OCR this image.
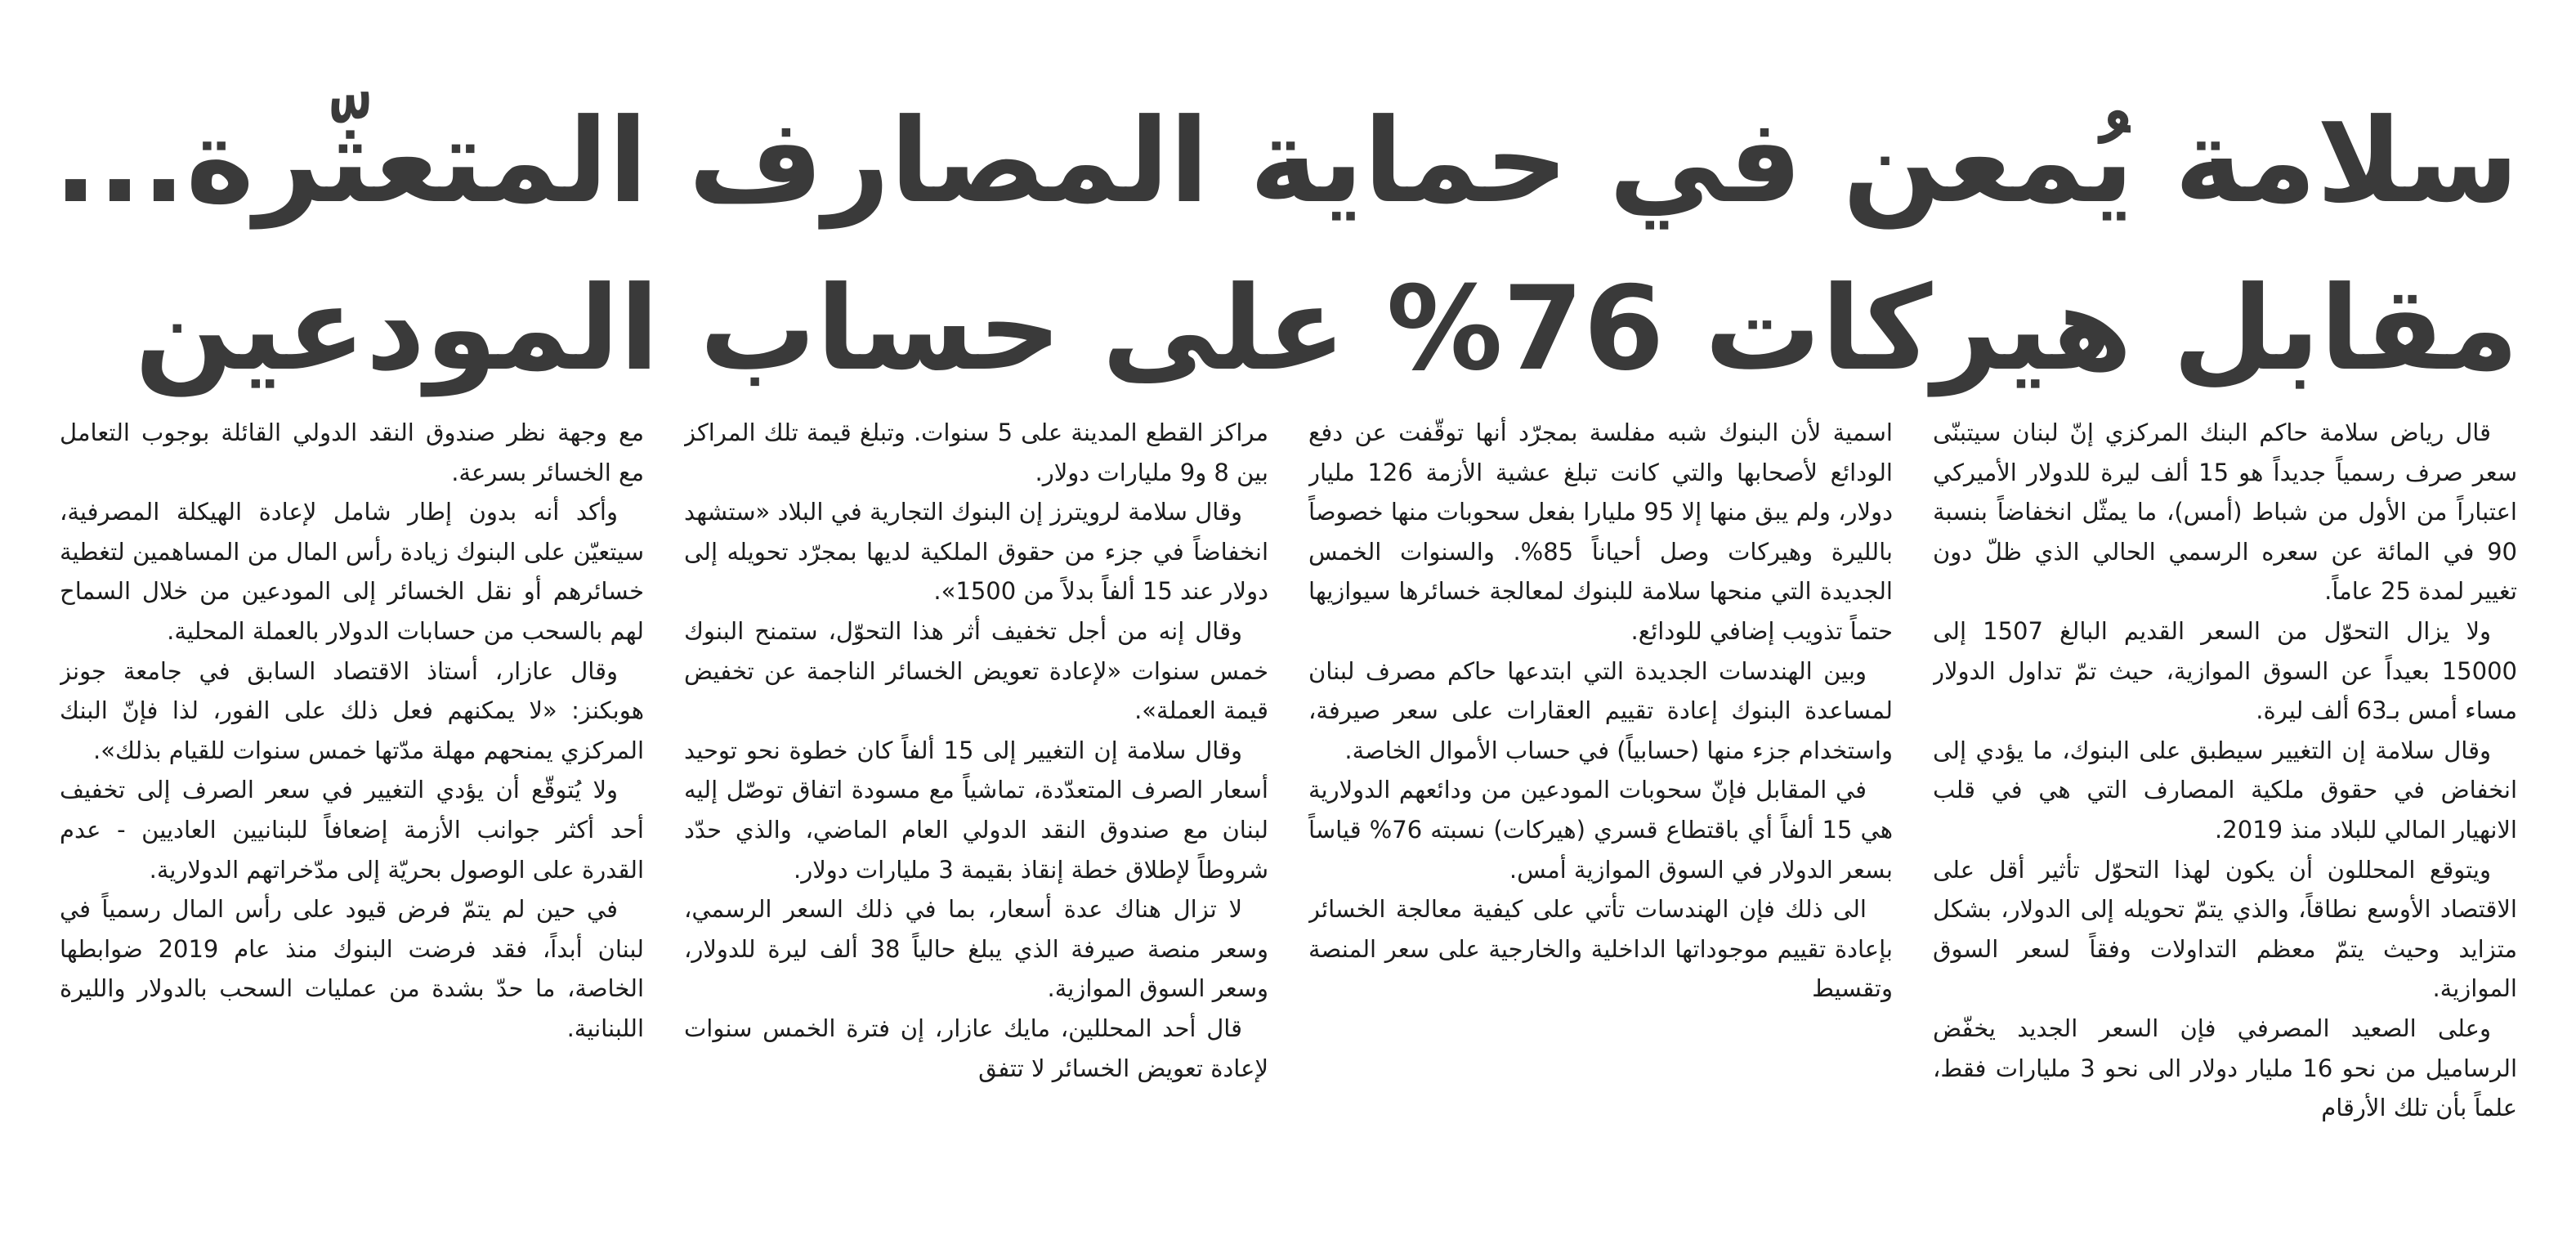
سلامة يُمعن في حماية المصارف المتعثّرة...
مقابل هيركات 76% على حساب المودعين

قال رياض سلامة حاكم البنك المركزي إنّ لبنان سيتبنّى سعر صرف رسمياً جديداً هو 15 ألف ليرة للدولار الأميركي اعتباراً من الأول من شباط (أمس)، ما يمثّل انخفاضاً بنسبة 90 في المائة عن سعره الرسمي الحالي الذي ظلّ دون تغيير لمدة 25 عاماً.

ولا يزال التحوّل من السعر القديم البالغ 1507 إلى 15000 بعيداً عن السوق الموازية، حيث تمّ تداول الدولار مساء أمس بـ63 ألف ليرة.

وقال سلامة إن التغيير سيطبق على البنوك، ما يؤدي إلى انخفاض في حقوق ملكية المصارف التي هي في قلب الانهيار المالي للبلاد منذ 2019.

ويتوقع المحللون أن يكون لهذا التحوّل تأثير أقل على الاقتصاد الأوسع نطاقاً، والذي يتمّ تحويله إلى الدولار، بشكل متزايد وحيث يتمّ معظم التداولات وفقاً لسعر السوق الموازية.

وعلى الصعيد المصرفي فإن السعر الجديد يخفّض الرساميل من نحو 16 مليار دولار الى نحو 3 مليارات فقط، علماً بأن تلك الأرقام

اسمية لأن البنوك شبه مفلسة بمجرّد أنها توقّفت عن دفع الودائع لأصحابها والتي كانت تبلغ عشية الأزمة 126 مليار دولار، ولم يبق منها إلا 95 مليارا بفعل سحوبات منها خصوصاً بالليرة وهيركات وصل أحياناً 85%. والسنوات الخمس الجديدة التي منحها سلامة للبنوك لمعالجة خسائرها سيوازيها حتماً تذويب إضافي للودائع.

وبين الهندسات الجديدة التي ابتدعها حاكم مصرف لبنان لمساعدة البنوك إعادة تقييم العقارات على سعر صيرفة، واستخدام جزء منها (حسابياً) في حساب الأموال الخاصة.

في المقابل فإنّ سحوبات المودعين من ودائعهم الدولارية هي 15 ألفاً أي باقتطاع قسري (هيركات) نسبته 76% قياساً بسعر الدولار في السوق الموازية أمس.

الى ذلك فإن الهندسات تأتي على كيفية معالجة الخسائر بإعادة تقييم موجوداتها الداخلية والخارجية على سعر المنصة وتقسيط

مراكز القطع المدينة على 5 سنوات. وتبلغ قيمة تلك المراكز بين 8 و9 مليارات دولار.

وقال سلامة لرويترز إن البنوك التجارية في البلاد «ستشهد انخفاضاً في جزء من حقوق الملكية لديها بمجرّد تحويله إلى دولار عند 15 ألفاً بدلاً من 1500».

وقال إنه من أجل تخفيف أثر هذا التحوّل، ستمنح البنوك خمس سنوات «لإعادة تعويض الخسائر الناجمة عن تخفيض قيمة العملة».

وقال سلامة إن التغيير إلى 15 ألفاً كان خطوة نحو توحيد أسعار الصرف المتعدّدة، تماشياً مع مسودة اتفاق توصّل إليه لبنان مع صندوق النقد الدولي العام الماضي، والذي حدّد شروطاً لإطلاق خطة إنقاذ بقيمة 3 مليارات دولار.

لا تزال هناك عدة أسعار، بما في ذلك السعر الرسمي، وسعر منصة صيرفة الذي يبلغ حالياً 38 ألف ليرة للدولار، وسعر السوق الموازية.

قال أحد المحللين، مايك عازار، إن فترة الخمس سنوات لإعادة تعويض الخسائر لا تتفق

مع وجهة نظر صندوق النقد الدولي القائلة بوجوب التعامل مع الخسائر بسرعة.

وأكد أنه بدون إطار شامل لإعادة الهيكلة المصرفية، سيتعيّن على البنوك زيادة رأس المال من المساهمين لتغطية خسائرهم أو نقل الخسائر إلى المودعين من خلال السماح لهم بالسحب من حسابات الدولار بالعملة المحلية.

وقال عازار، أستاذ الاقتصاد السابق في جامعة جونز هوبكنز: «لا يمكنهم فعل ذلك على الفور، لذا فإنّ البنك المركزي يمنحهم مهلة مدّتها خمس سنوات للقيام بذلك».

ولا يُتوقّع أن يؤدي التغيير في سعر الصرف إلى تخفيف أحد أكثر جوانب الأزمة إضعافاً للبنانيين العاديين - عدم القدرة على الوصول بحريّة إلى مدّخراتهم الدولارية.

في حين لم يتمّ فرض قيود على رأس المال رسمياً في لبنان أبداً، فقد فرضت البنوك منذ عام 2019 ضوابطها الخاصة، ما حدّ بشدة من عمليات السحب بالدولار والليرة اللبنانية.
